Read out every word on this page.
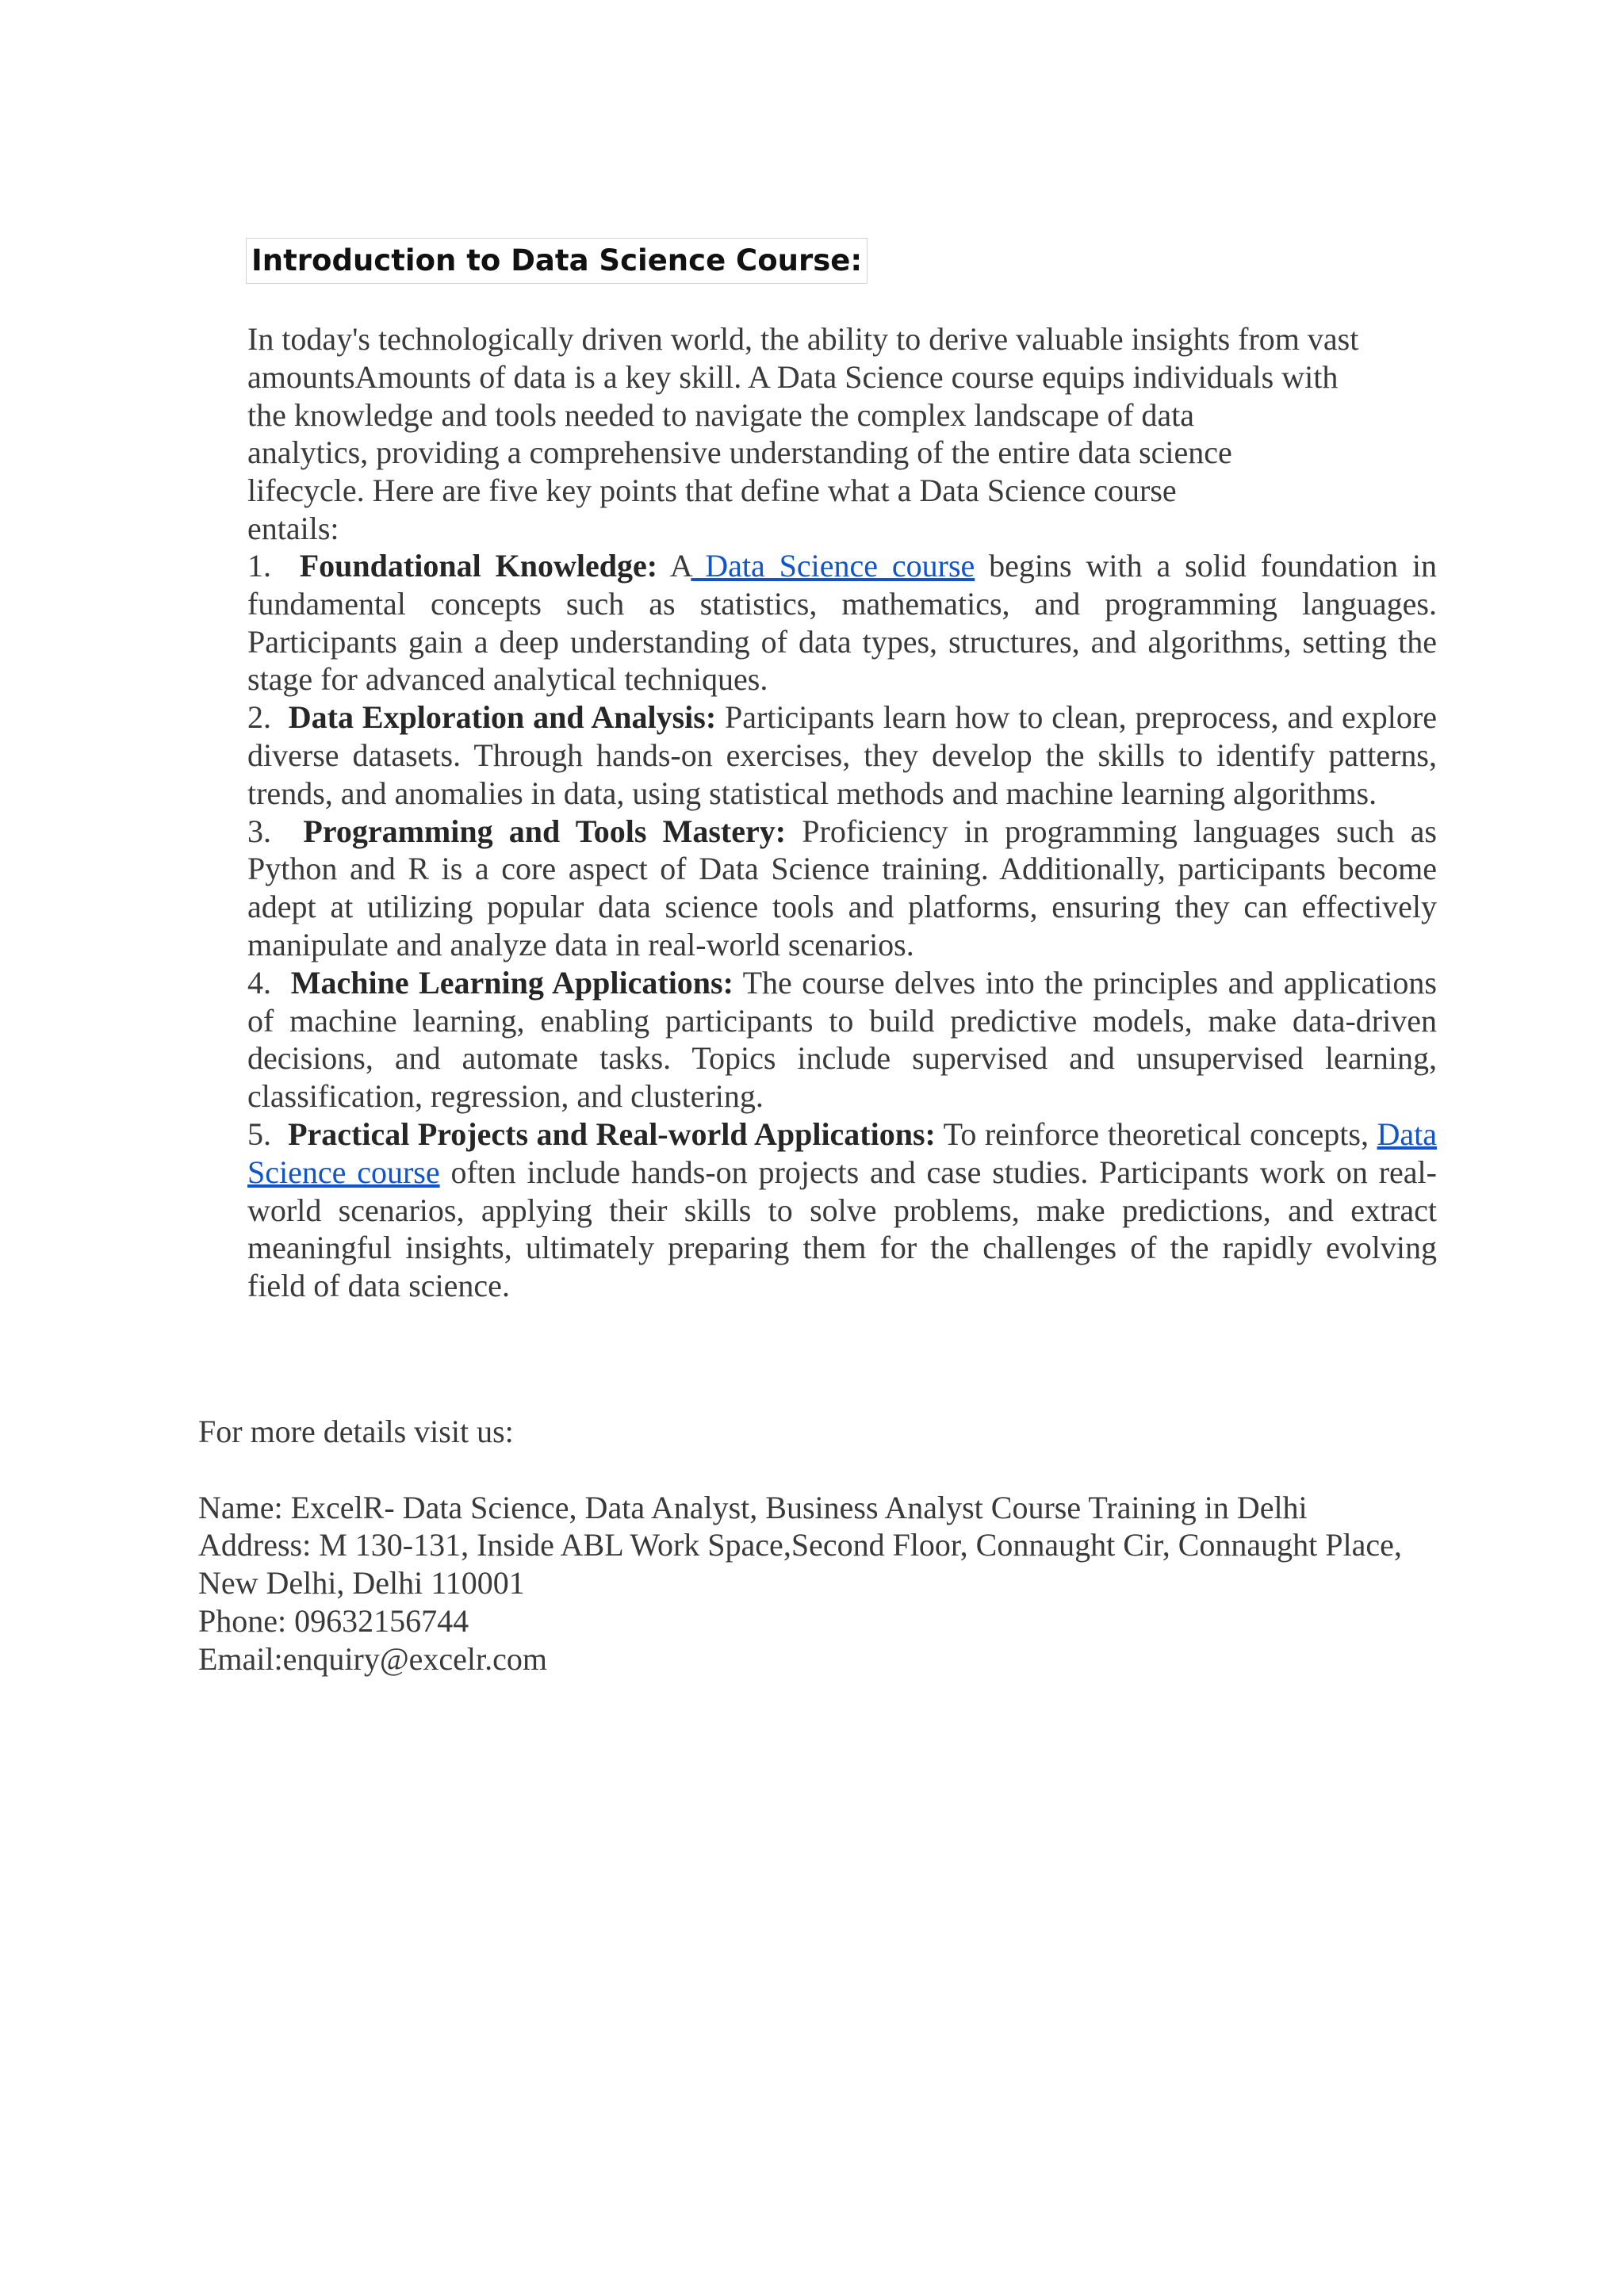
Introduction to Data Science Course:

In today's technologically driven world, the ability to derive valuable insights from vast
amountsAmounts of data is a key skill. A Data Science course equips individuals with
the knowledge and tools needed to navigate the complex landscape of data
analytics, providing a comprehensive understanding of the entire data science
lifecycle. Here are five key points that define what a Data Science course
entails:

1. Foundational Knowledge: A Data Science course begins with a solid foundation in fundamental concepts such as statistics, mathematics, and programming languages. Participants gain a deep understanding of data types, structures, and algorithms, setting the stage for advanced analytical techniques.

2. Data Exploration and Analysis: Participants learn how to clean, preprocess, and explore diverse datasets. Through hands-on exercises, they develop the skills to identify patterns, trends, and anomalies in data, using statistical methods and machine learning algorithms.

3. Programming and Tools Mastery: Proficiency in programming languages such as Python and R is a core aspect of Data Science training. Additionally, participants become adept at utilizing popular data science tools and platforms, ensuring they can effectively manipulate and analyze data in real-world scenarios.

4. Machine Learning Applications: The course delves into the principles and applications of machine learning, enabling participants to build predictive models, make data-driven decisions, and automate tasks. Topics include supervised and unsupervised learning, classification, regression, and clustering.

5. Practical Projects and Real-world Applications: To reinforce theoretical concepts, Data Science course often include hands-on projects and case studies. Participants work on real-world scenarios, applying their skills to solve problems, make predictions, and extract meaningful insights, ultimately preparing them for the challenges of the rapidly evolving field of data science.

For more details visit us:
Name: ExcelR- Data Science, Data Analyst, Business Analyst Course Training in Delhi
Address: M 130-131, Inside ABL Work Space,Second Floor, Connaught Cir, Connaught Place,
New Delhi, Delhi 110001
Phone: 09632156744
Email:enquiry@excelr.com
